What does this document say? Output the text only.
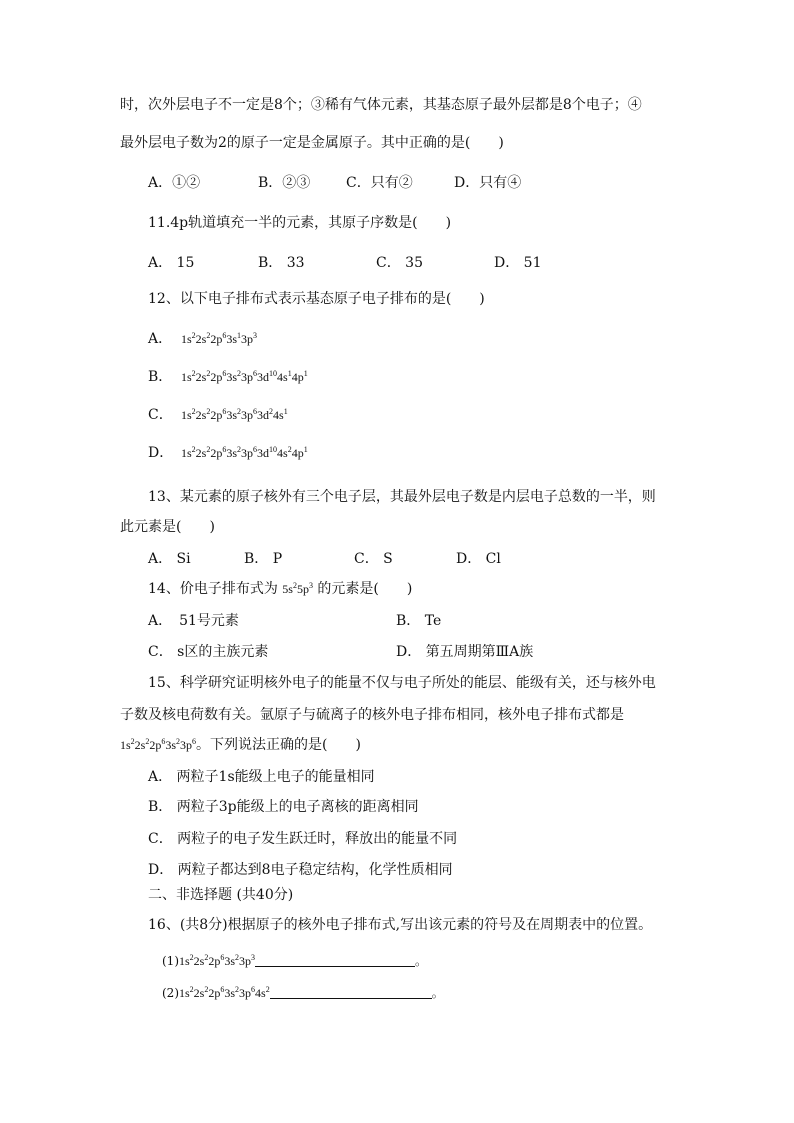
时，次外层电子不一定是8个；③稀有气体元素，其基态原子最外层都是8个电子；④
最外层电子数为2的原子一定是金属原子。其中正确的是(　　)
A．①②	B．②③	C．只有②	D．只有④
11.4p轨道填充一半的元素，其原子序数是(　　)
A． 15	B． 33	C． 35	D． 51
12、以下电子排布式表示基态原子电子排布的是(　　)
A． $1s^22s^22p^63s^13p^3$
B． $1s^22s^22p^63s^23p^63d^{10}4s^14p^1$
C． $1s^22s^22p^63s^23p^63d^24s^1$
D． $1s^22s^22p^63s^23p^63d^{10}4s^24p^1$
13、某元素的原子核外有三个电子层，其最外层电子数是内层电子总数的一半，则
此元素是(　　)
A． Si	B． P	C． S	D． Cl
14、价电子排布式为 $5s^25p^3$ 的元素是(　　)
A．　51号元素	B． Te
C． s区的主族元素	D． 第五周期第ⅢA族
15、科学研究证明核外电子的能量不仅与电子所处的能层、能级有关，还与核外电
子数及核电荷数有关。氩原子与硫离子的核外电子排布相同，核外电子排布式都是
$1s^22s^22p^63s^23p^6$。下列说法正确的是(　　)
A． 两粒子1s能级上电子的能量相同
B． 两粒子3p能级上的电子离核的距离相同
C． 两粒子的电子发生跃迁时，释放出的能量不同
D． 两粒子都达到8电子稳定结构，化学性质相同
二、非选择题 (共40分)
16、(共8分)根据原子的核外电子排布式,写出该元素的符号及在周期表中的位置。
$(1)1s^22s^22p^63s^23p^3$	。
$(2)1s^22s^22p^63s^23p^64s^2$	。
